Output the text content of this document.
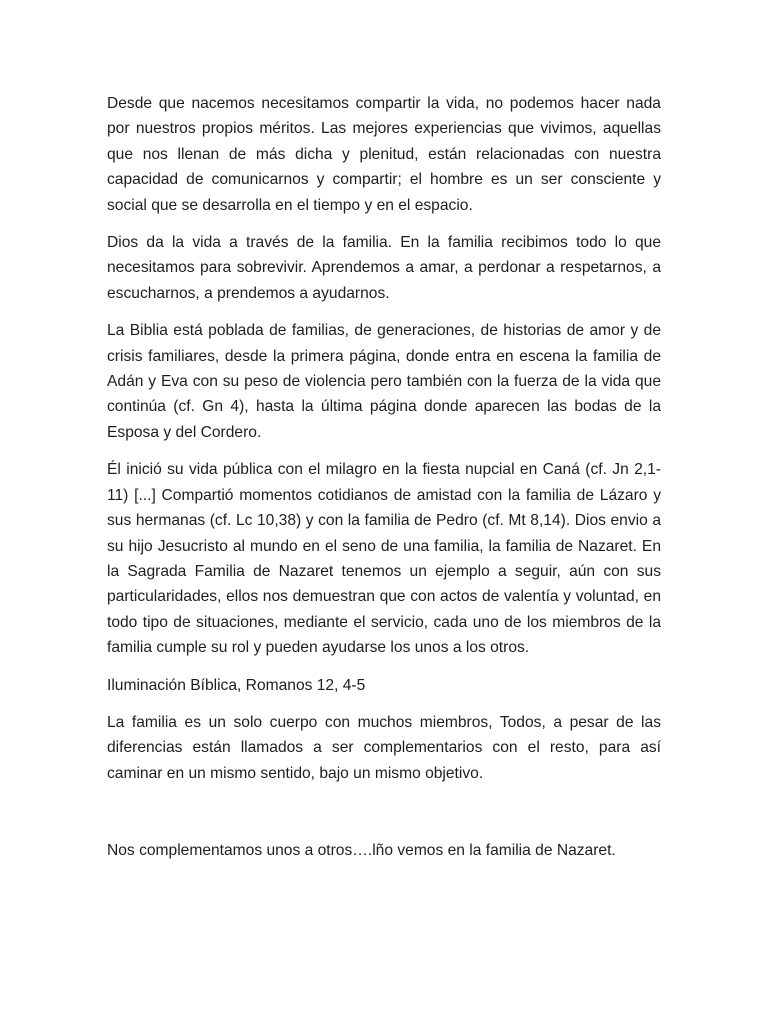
Desde que nacemos necesitamos compartir la vida, no podemos hacer nada por nuestros propios méritos. Las mejores experiencias que vivimos, aquellas que nos llenan de más dicha y plenitud, están relacionadas con nuestra capacidad de comunicarnos y compartir; el hombre es un ser consciente y social que se desarrolla en el tiempo y en el espacio.

Dios da la vida a través de la familia. En la familia recibimos todo lo que necesitamos para sobrevivir. Aprendemos a amar, a perdonar a respetarnos, a escucharnos, a prendemos a ayudarnos.

La Biblia está poblada de familias, de generaciones, de historias de amor y de crisis familiares, desde la primera página, donde entra en escena la familia de Adán y Eva con su peso de violencia pero también con la fuerza de la vida que continúa (cf. Gn 4), hasta la última página donde aparecen las bodas de la Esposa y del Cordero.

Él inició su vida pública con el milagro en la fiesta nupcial en Caná (cf. Jn 2,1-11) [...] Compartió momentos cotidianos de amistad con la familia de Lázaro y sus hermanas (cf. Lc 10,38) y con la familia de Pedro (cf. Mt 8,14). Dios envio a su hijo Jesucristo al mundo en el seno de una familia, la familia de Nazaret. En la Sagrada Familia de Nazaret tenemos un ejemplo a seguir, aún con sus particularidades, ellos nos demuestran que con actos de valentía y voluntad, en todo tipo de situaciones, mediante el servicio, cada uno de los miembros de la familia cumple su rol y pueden ayudarse los unos a los otros.

Iluminación Bíblica, Romanos 12, 4-5

La familia es un solo cuerpo con muchos miembros, Todos, a pesar de las diferencias están llamados a ser complementarios con el resto, para así caminar en un mismo sentido, bajo un mismo objetivo.

Nos complementamos unos a otros….lño vemos en la familia de Nazaret.
